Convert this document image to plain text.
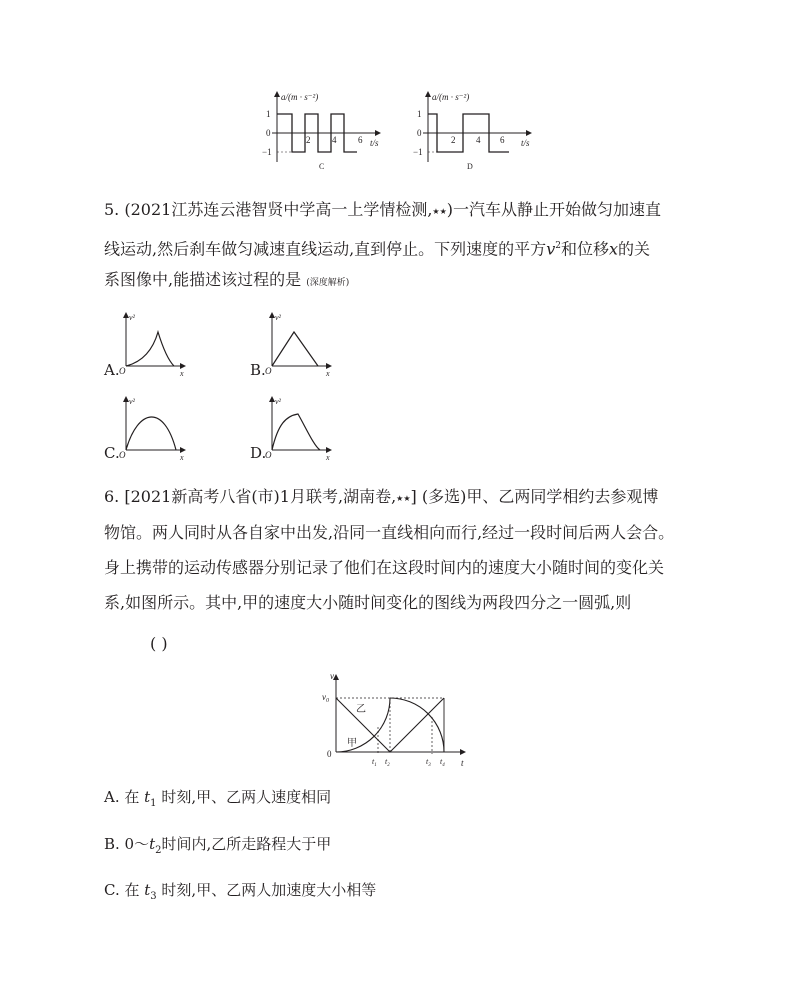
a/(m · s⁻²)
1
0
−1
2 4 6 t/s
C
a/(m · s⁻²)
1
0
−1
2 4 6 t/s
D
5. (2021江苏连云港智贤中学高一上学情检测,★★)一汽车从静止开始做匀加速直
线运动,然后刹车做匀减速直线运动,直到停止。下列速度的平方$v^2$和位移x的关
系图像中,能描述该过程的是 (深度解析)
A.
v²
O	x	B.
v²
O	x
C.
v²
O	x	D.
v²
O	x
6. [2021新高考八省(市)1月联考,湖南卷,★★] (多选)甲、乙两同学相约去参观博
物馆。两人同时从各自家中出发,沿同一直线相向而行,经过一段时间后两人会合。
身上携带的运动传感器分别记录了他们在这段时间内的速度大小随时间的变化关
系,如图所示。其中,甲的速度大小随时间变化的图线为两段四分之一圆弧,则
( )
v
$v_0$
0
t
乙
甲
$t_1$ $t_2$	$t_3$ $t_4$
A. 在 $t_1$ 时刻,甲、乙两人速度相同
B. $0\sim t_2$时间内,乙所走路程大于甲
C. 在 $t_3$ 时刻,甲、乙两人加速度大小相等
